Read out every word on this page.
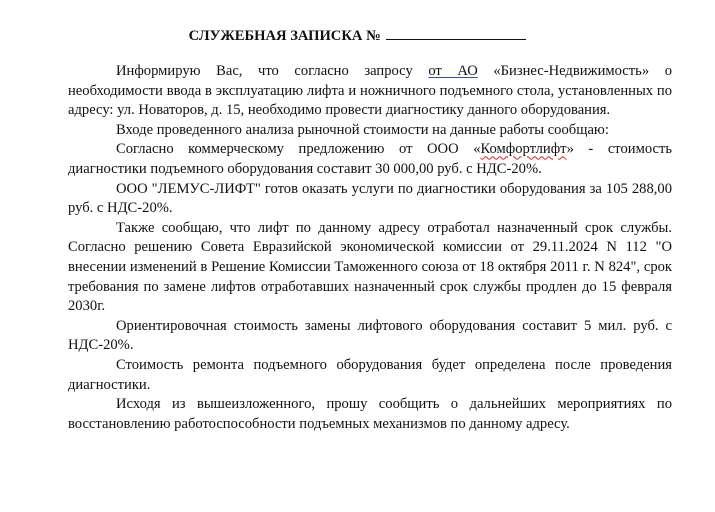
СЛУЖЕБНАЯ ЗАПИСКА №

Информирую Вас, что согласно запросу от АО «Бизнес-Недвижимость» о необходимости ввода в эксплуатацию лифта и ножничного подъемного стола, установленных по адресу: ул. Новаторов, д. 15, необходимо провести диагностику данного оборудования.

Входе проведенного анализа рыночной стоимости на данные работы сообщаю:

Согласно коммерческому предложению от ООО «Комфортлифт» - стоимость диагностики подъемного оборудования составит 30 000,00 руб. с НДС-20%.

ООО "ЛЕМУС-ЛИФТ" готов оказать услуги по диагностики оборудования за 105 288,00 руб. с НДС-20%.

Также сообщаю, что лифт по данному адресу отработал назначенный срок службы. Согласно решению Совета Евразийской экономической комиссии от 29.11.2024 N 112 "О внесении изменений в Решение Комиссии Таможенного союза от 18 октября 2011 г. N 824", срок требования по замене лифтов отработавших назначенный срок службы продлен до 15 февраля 2030г.

Ориентировочная стоимость замены лифтового оборудования составит 5 мил. руб. с НДС-20%.

Стоимость ремонта подъемного оборудования будет определена после проведения диагностики.

Исходя из вышеизложенного, прошу сообщить о дальнейших мероприятиях по восстановлению работоспособности подъемных механизмов по данному адресу.
